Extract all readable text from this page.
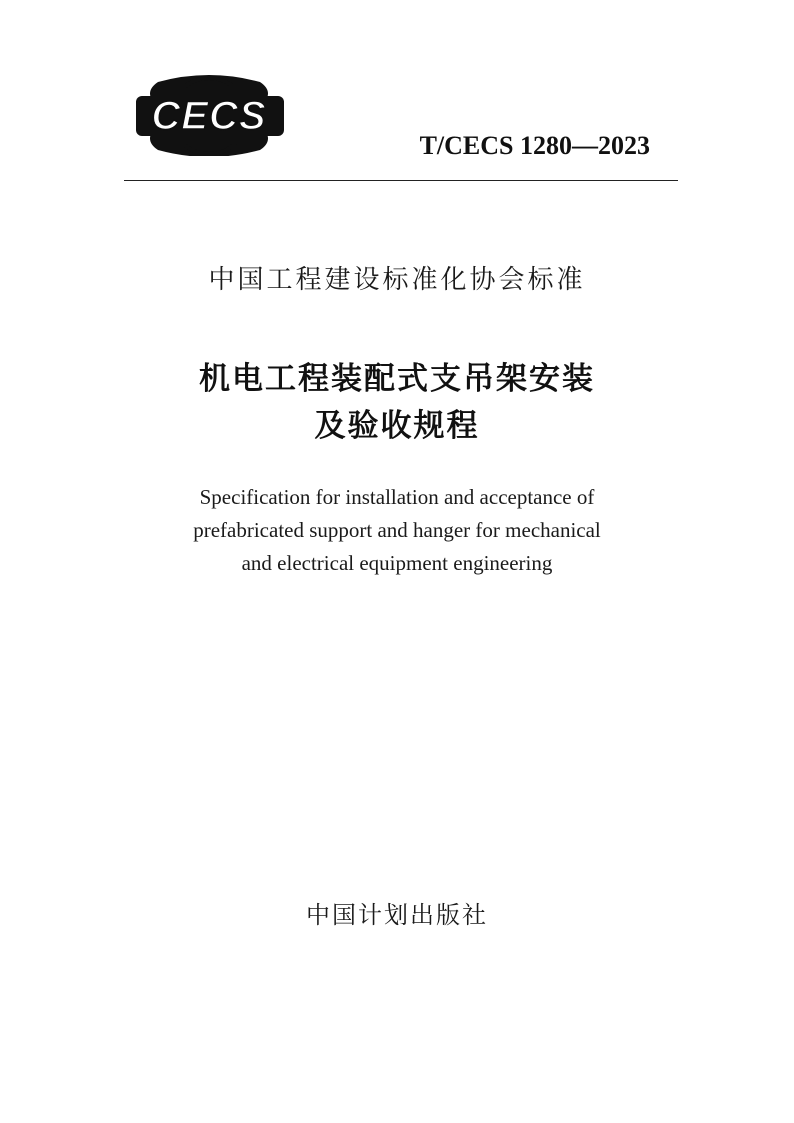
CECS
T/CECS 1280—2023
中国工程建设标准化协会标准
机电工程装配式支吊架安装
及验收规程
Specification for installation and acceptance of
prefabricated support and hanger for mechanical
and electrical equipment engineering
中国计划出版社
